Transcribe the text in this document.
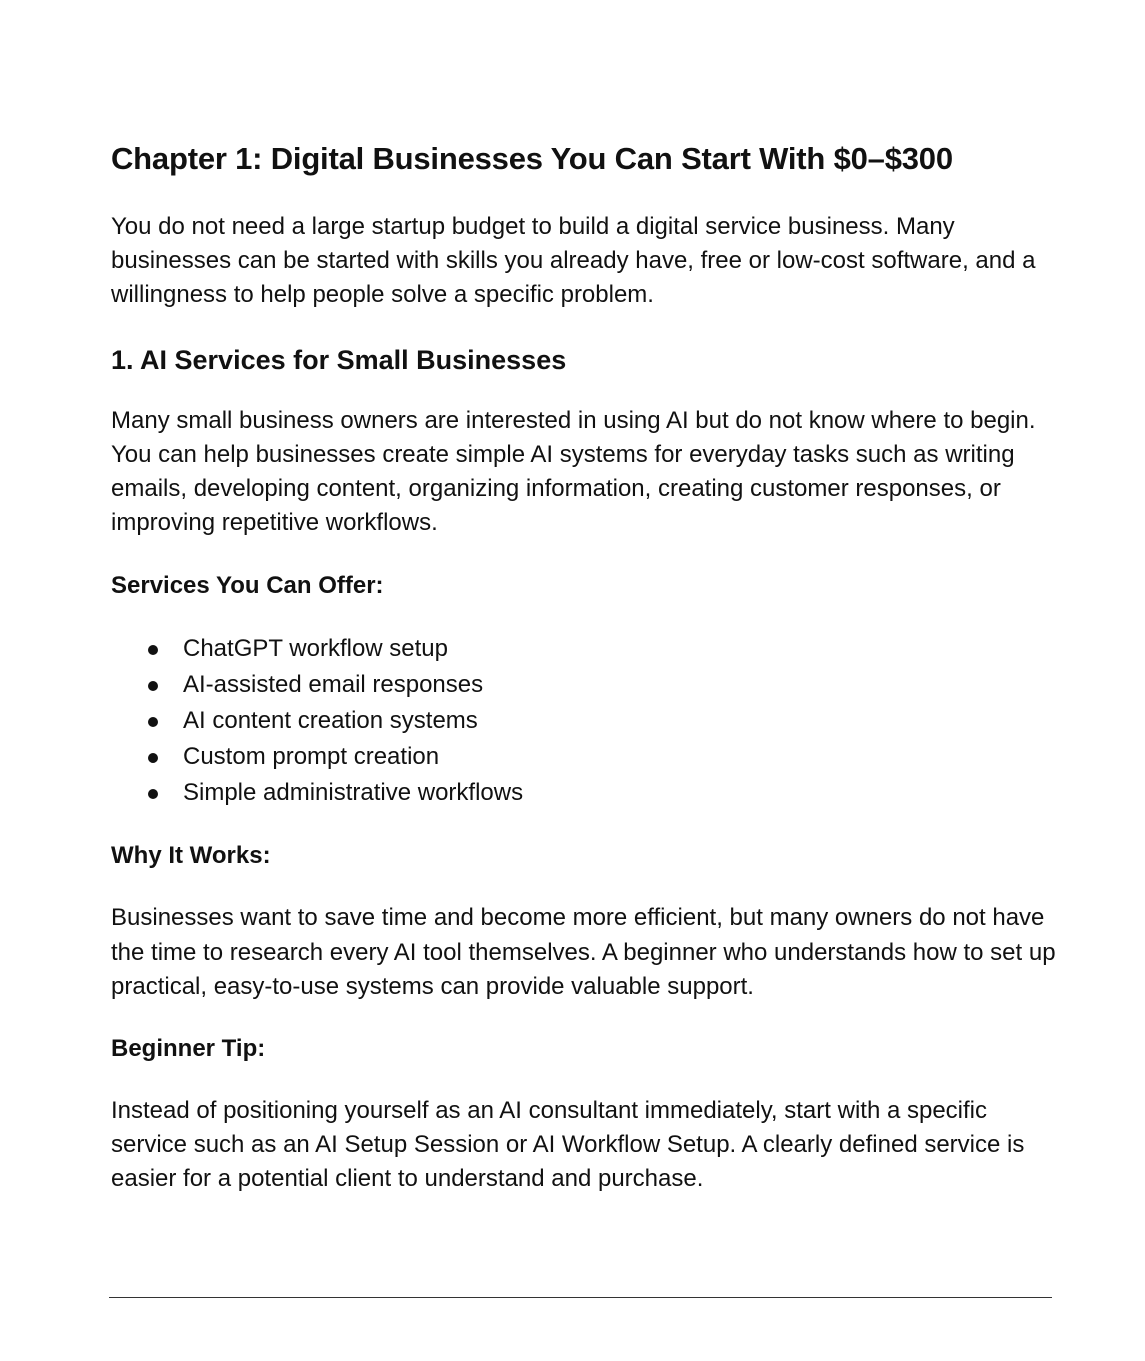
Chapter 1: Digital Businesses You Can Start With $0–$300

You do not need a large startup budget to build a digital service business. Many businesses can be started with skills you already have, free or low-cost software, and a willingness to help people solve a specific problem.

1. AI Services for Small Businesses

Many small business owners are interested in using AI but do not know where to begin. You can help businesses create simple AI systems for everyday tasks such as writing emails, developing content, organizing information, creating customer responses, or improving repetitive workflows.

Services You Can Offer:
ChatGPT workflow setup
AI-assisted email responses
AI content creation systems
Custom prompt creation
Simple administrative workflows
Why It Works:

Businesses want to save time and become more efficient, but many owners do not have the time to research every AI tool themselves. A beginner who understands how to set up practical, easy-to-use systems can provide valuable support.

Beginner Tip:

Instead of positioning yourself as an AI consultant immediately, start with a specific service such as an AI Setup Session or AI Workflow Setup. A clearly defined service is easier for a potential client to understand and purchase.
